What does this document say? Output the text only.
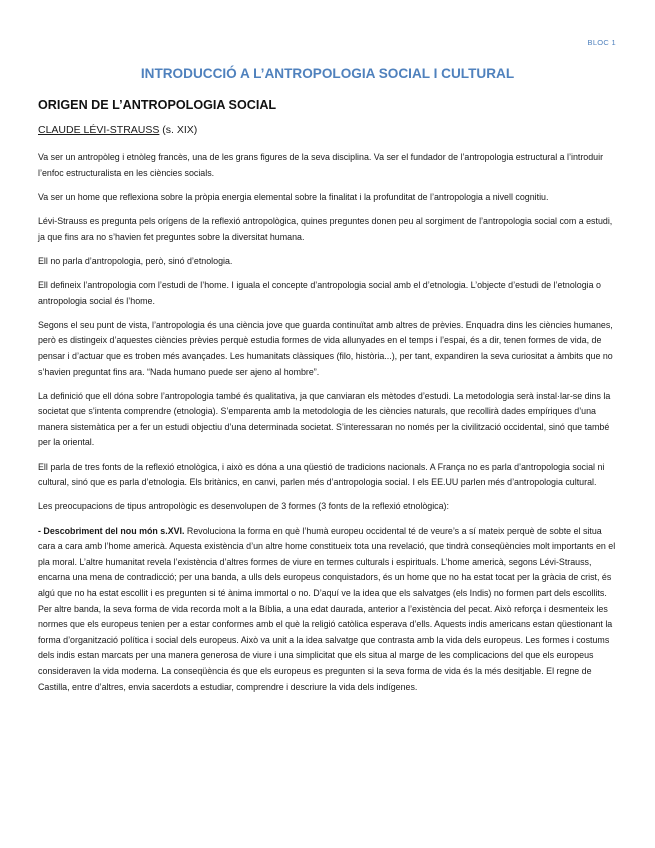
BLOC 1
INTRODUCCIÓ A L’ANTROPOLOGIA SOCIAL I CULTURAL
ORIGEN DE L’ANTROPOLOGIA SOCIAL
CLAUDE LÉVI-STRAUSS (s. XIX)

Va ser un antropòleg i etnòleg francès, una de les grans figures de la seva disciplina. Va ser el fundador de l’antropologia estructural a l’introduir l’enfoc estructuralista en les ciències socials.

Va ser un home que reflexiona sobre la pròpia energia elemental sobre la finalitat i la profunditat de l’antropologia a nivell cognitiu.

Lévi-Strauss es pregunta pels orígens de la reflexió antropològica, quines preguntes donen peu al sorgiment de l’antropologia social com a estudi, ja que fins ara no s’havien fet preguntes sobre la diversitat humana.

Ell no parla d’antropologia, però, sinó d’etnologia.

Ell defineix l’antropologia com l’estudi de l’home. I iguala el concepte d’antropologia social amb el d’etnologia. L’objecte d’estudi de l’etnologia o antropologia social és l’home.

Segons el seu punt de vista, l’antropologia és una ciència jove que guarda continuïtat amb altres de prèvies. Enquadra dins les ciències humanes, però es distingeix d’aquestes ciències prèvies perquè estudia formes de vida allunyades en el temps i l’espai, és a dir, tenen formes de vida, de pensar i d’actuar que es troben més avançades. Les humanitats clàssiques (filo, història...), per tant, expandiren la seva curiositat a àmbits que no s’havien preguntat fins ara. “Nada humano puede ser ajeno al hombre”.

La definició que ell dóna sobre l’antropologia també és qualitativa, ja que canviaran els mètodes d’estudi. La metodologia serà instal·lar-se dins la societat que s’intenta comprendre (etnologia). S’emparenta amb la metodologia de les ciències naturals, que recollirà dades empíriques d’una manera sistemàtica per a fer un estudi objectiu d’una determinada societat. S’interessaran no només per la civilització occidental, sinó que també per la oriental.

Ell parla de tres fonts de la reflexió etnològica, i això es dóna a una qüestió de tradicions nacionals. A França no es parla d’antropologia social ni cultural, sinó que es parla d’etnologia. Els britànics, en canvi, parlen més d’antropologia social. I els EE.UU parlen més d’antropologia cultural.

Les preocupacions de tipus antropològic es desenvolupen de 3 formes (3 fonts de la reflexió etnològica):

- Descobriment del nou món s.XVI. Revoluciona la forma en què l’humà europeu occidental té de veure’s a sí mateix perquè de sobte el situa cara a cara amb l’home americà. Aquesta existència d’un altre home constitueix tota una revelació, que tindrà conseqüències molt importants en el pla moral. L’altre humanitat revela l’existència d’altres formes de viure en termes culturals i espirituals. L’home americà, segons Lévi-Strauss, encarna una mena de contradicció; per una banda, a ulls dels europeus conquistadors, és un home que no ha estat tocat per la gràcia de crist, és algú que no ha estat escollit i es pregunten si té ànima immortal o no. D’aquí ve la idea que els salvatges (els Indis) no formen part dels escollits. Per altre banda, la seva forma de vida recorda molt a la Bíblia, a una edat daurada, anterior a l’existència del pecat. Això reforça i desmenteix les normes que els europeus tenien per a estar conformes amb el què la religió catòlica esperava d’ells. Aquests indis americans estan qüestionant la forma d’organització política i social dels europeus. Això va unit a la idea salvatge que contrasta amb la vida dels europeus. Les formes i costums dels indis estan marcats per una manera generosa de viure i una simplicitat que els situa al marge de les complicacions del que els europeus consideraven la vida moderna. La conseqüència és que els europeus es pregunten si la seva forma de vida és la més desitjable. El regne de Castilla, entre d’altres, envia sacerdots a estudiar, comprendre i descriure la vida dels indígenes.
